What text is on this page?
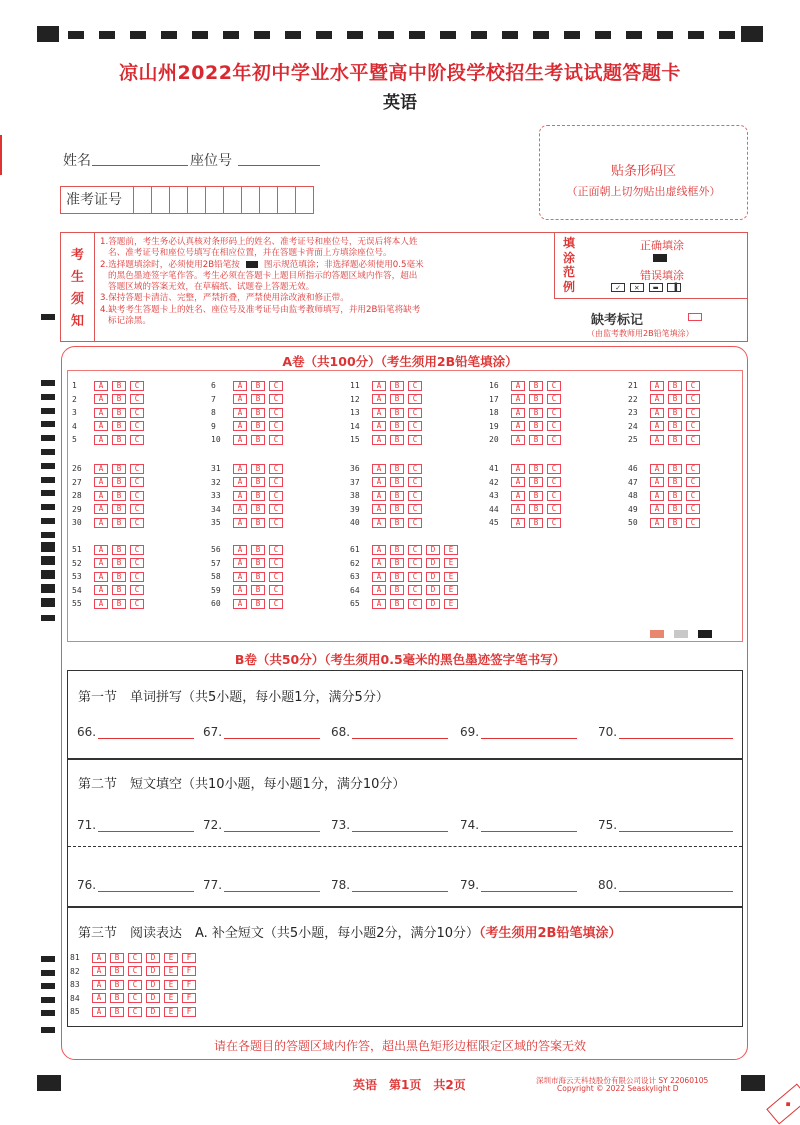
凉山州2022年初中学业水平暨高中阶段学校招生考试试题答题卡
英语
姓名	座位号
准考证号
贴条形码区
（正面朝上切勿贴出虚线框外）
考
生
须
知
1.答题前，考生务必认真核对条形码上的姓名、准考证号和座位号，无误后将本人姓
名、准考证号和座位号填写在相应位置，并在答题卡背面上方填涂座位号。
2.选择题填涂时，必须使用2B铅笔按	图示规范填涂；非选择题必须使用0.5毫米
的黑色墨迹签字笔作答。考生必须在答题卡上题目所指示的答题区域内作答，超出
答题区域的答案无效，在草稿纸、试题卷上答题无效。
3.保持答题卡清洁、完整，严禁折叠，严禁使用涂改液和修正带。
4.缺考考生答题卡上的姓名、座位号及准考证号由监考教师填写，并用2B铅笔将缺考
标记涂黑。
填
涂
范
例
正确填涂
错误填涂
✓ ✕ ▬ ▐
缺考标记
（由监考教师用2B铅笔填涂）
A卷（共100分）（考生须用2B铅笔填涂）
1	A B C
2	A B C
3	A B C
4	A B C
5	A B C
6	A B C
7	A B C
8	A B C
9	A B C
10 A B C
11 A B C
12 A B C
13 A B C
14 A B C
15 A B C
16 A B C
17 A B C
18 A B C
19 A B C
20 A B C
21 A B C
22 A B C
23 A B C
24 A B C
25 A B C
26 A B C
27 A B C
28 A B C
29 A B C
30 A B C
31 A B C
32 A B C
33 A B C
34 A B C
35 A B C
36 A B C
37 A B C
38 A B C
39 A B C
40 A B C
41 A B C
42 A B C
43 A B C
44 A B C
45 A B C
46 A B C
47 A B C
48 A B C
49 A B C
50 A B C
51 A B C
52 A B C
53 A B C
54 A B C
55 A B C
56 A B C
57 A B C
58 A B C
59 A B C
60 A B C
61 A B C D E
62 A B C D E
63 A B C D E
64 A B C D E
65 A B C D E
B卷（共50分）（考生须用0.5毫米的黑色墨迹签字笔书写）
第一节　单词拼写（共5小题，每小题1分，满分5分）
66.	67.	68.	69.	70.
第二节　短文填空（共10小题，每小题1分，满分10分）
71.	72.	73.	74.	75.
76.	77.	78.	79.	80.
第三节　阅读表达　A. 补全短文（共5小题，每小题2分，满分10分）（考生须用2B铅笔填涂）
81 A B C D E F
82 A B C D E F
83 A B C D E F
84 A B C D E F
85 A B C D E F
请在各题目的答题区域内作答，超出黑色矩形边框限定区域的答案无效
英语　第1页　共2页	深圳市海云天科技股份有限公司设计 SY 22060105
Copyright © 2022 Seaskylight D
◆
